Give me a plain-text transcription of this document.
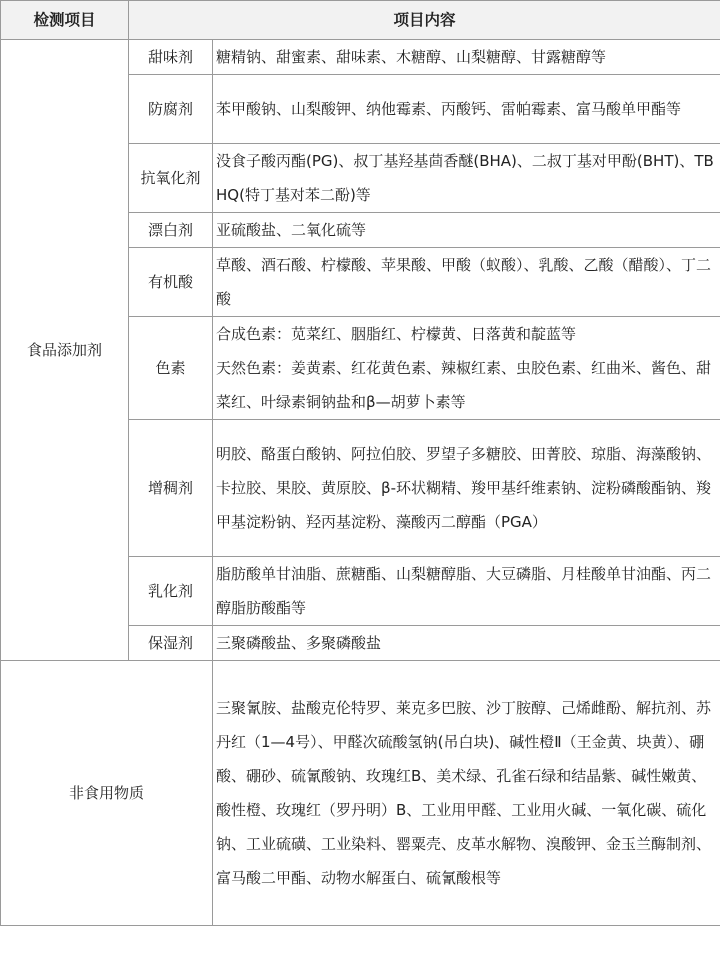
检测项目	项目内容	
食品添加剂	甜味剂	糖精钠、甜蜜素、甜味素、木糖醇、山梨糖醇、甘露糖醇等
	防腐剂	苯甲酸钠、山梨酸钾、纳他霉素、丙酸钙、雷帕霉素、富马酸单甲酯等
	抗氧化剂	没食子酸丙酯(PG)、叔丁基羟基茴香醚(BHA)、二叔丁基对甲酚(BHT)、TBHQ(特丁基对苯二酚)等
	漂白剂	亚硫酸盐、二氧化硫等
	有机酸	草酸、酒石酸、柠檬酸、苹果酸、甲酸（蚁酸）、乳酸、乙酸（醋酸）、丁二酸
	色素	合成色素：苋菜红、胭脂红、柠檬黄、日落黄和靛蓝等
天然色素：姜黄素、红花黄色素、辣椒红素、虫胶色素、红曲米、酱色、甜菜红、叶绿素铜钠盐和β—胡萝卜素等

	增稠剂	明胶、酪蛋白酸钠、阿拉伯胶、罗望子多糖胶、田菁胶、琼脂、海藻酸钠、卡拉胶、果胶、黄原胶、β-环状糊精、羧甲基纤维素钠、淀粉磷酸酯钠、羧甲基淀粉钠、羟丙基淀粉、藻酸丙二醇酯（PGA）
	乳化剂	脂肪酸单甘油脂、蔗糖酯、山梨糖醇脂、大豆磷脂、月桂酸单甘油酯、丙二醇脂肪酸酯等
	保湿剂	三聚磷酸盐、多聚磷酸盐
非食用物质		三聚氰胺、盐酸克伦特罗、莱克多巴胺、沙丁胺醇、己烯雌酚、解抗剂、苏丹红（1—4号）、甲醛次硫酸氢钠(吊白块)、碱性橙Ⅱ（王金黄、块黄）、硼酸、硼砂、硫氰酸钠、玫瑰红B、美术绿、孔雀石绿和结晶紫、碱性嫩黄、酸性橙、玫瑰红（罗丹明）B、工业用甲醛、工业用火碱、一氧化碳、硫化钠、工业硫磺、工业染料、罂粟壳、皮革水解物、溴酸钾、金玉兰酶制剂、富马酸二甲酯、动物水解蛋白、硫氰酸根等
